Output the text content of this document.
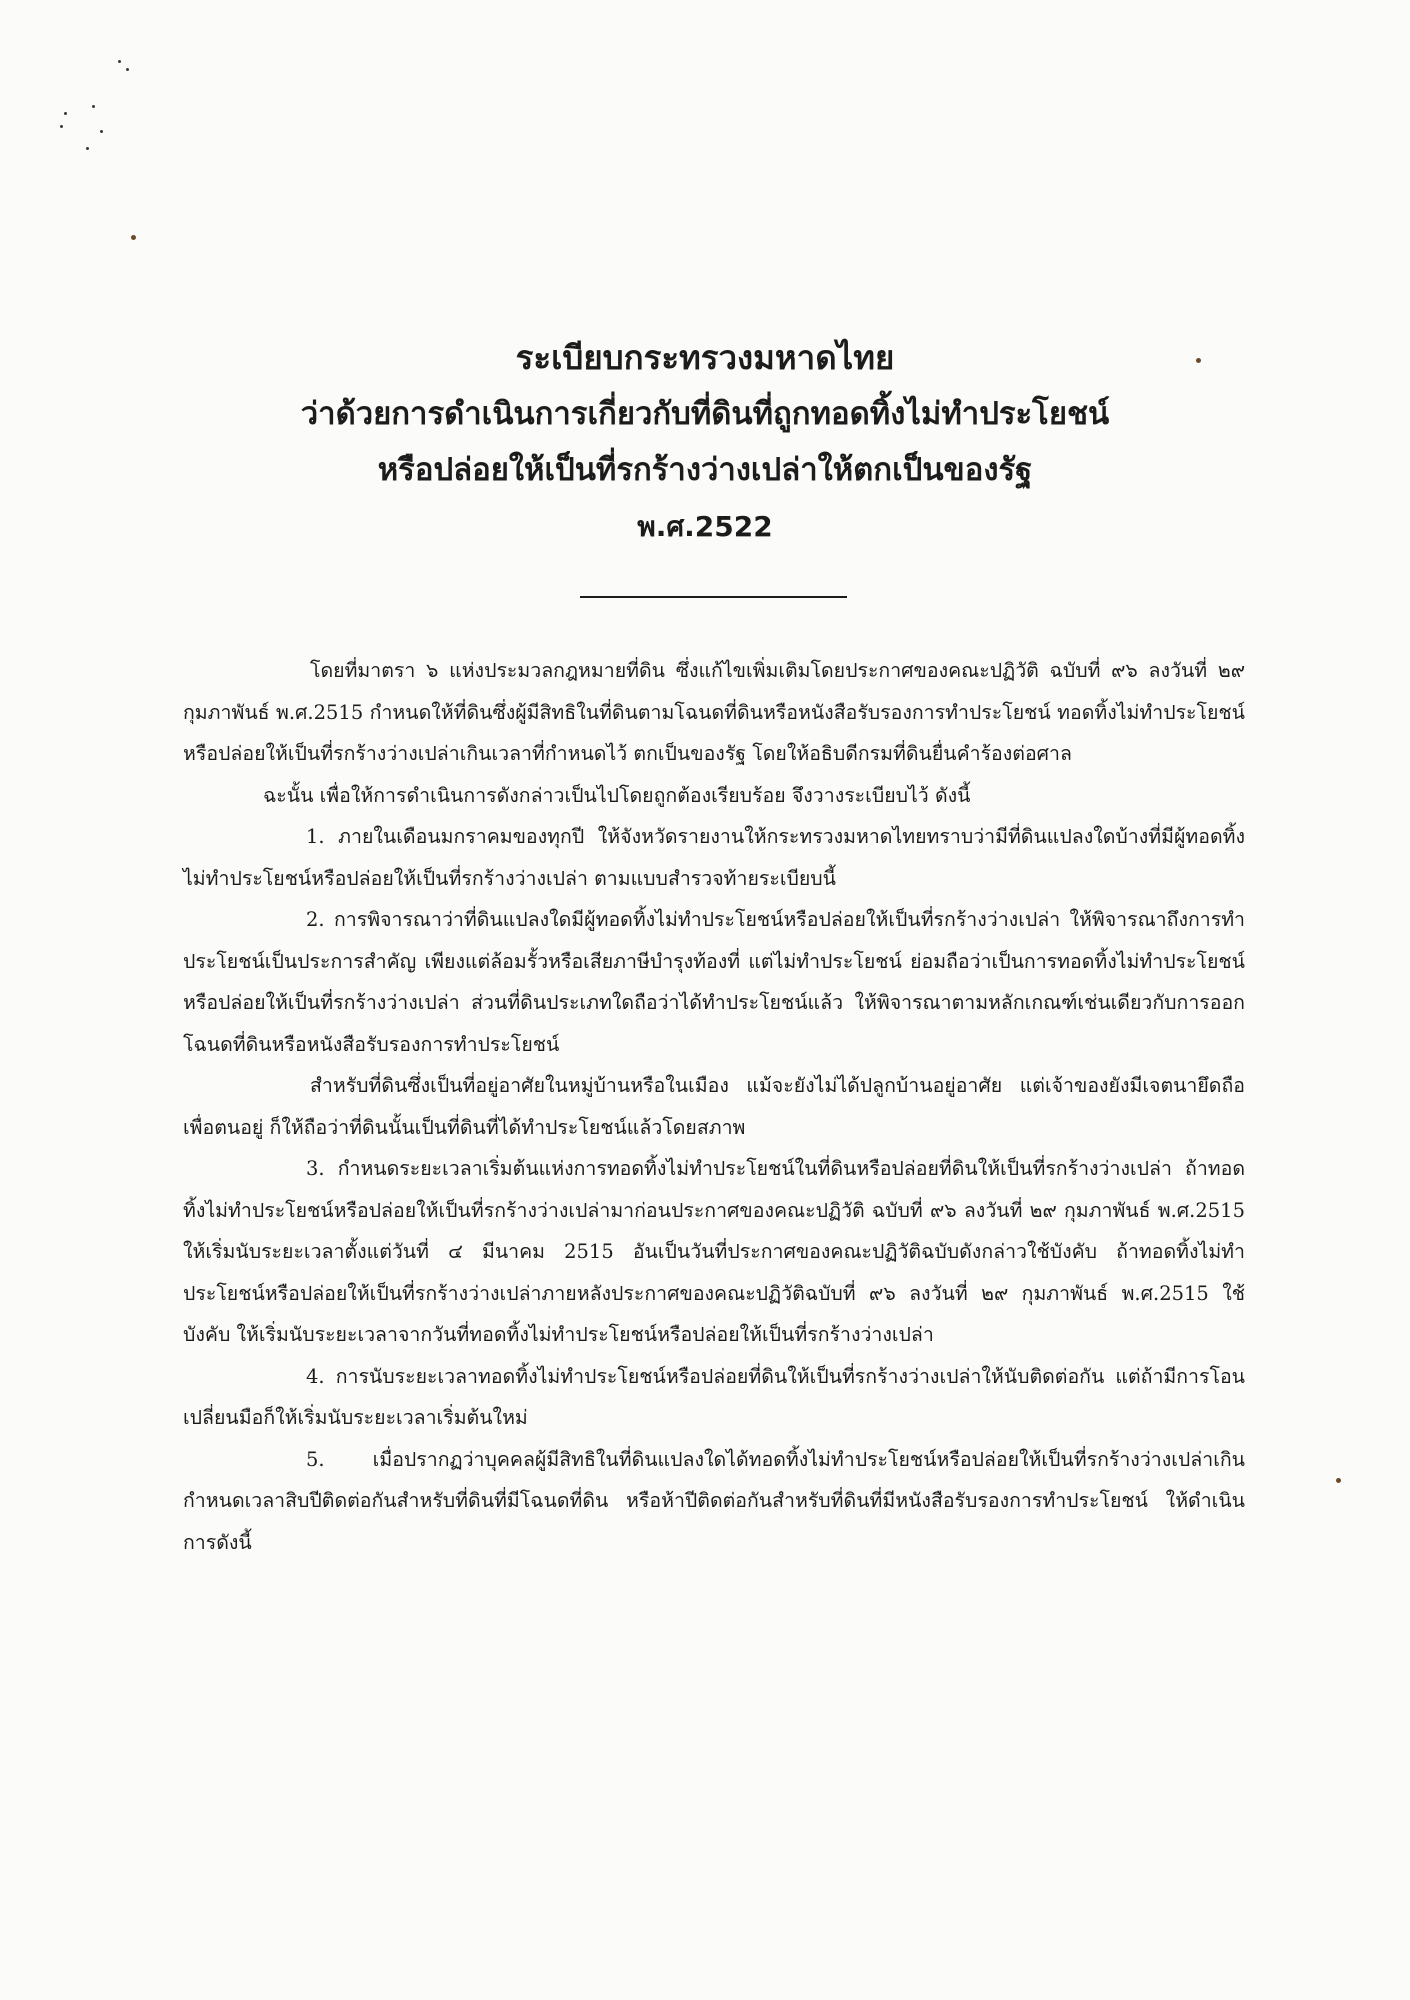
ระเบียบกระทรวงมหาดไทย

ว่าด้วยการดำเนินการเกี่ยวกับที่ดินที่ถูกทอดทิ้งไม่ทำประโยชน์

หรือปล่อยให้เป็นที่รกร้างว่างเปล่าให้ตกเป็นของรัฐ

พ.ศ.2522

โดยที่มาตรา ๖ แห่งประมวลกฎหมายที่ดิน ซึ่งแก้ไขเพิ่มเติมโดยประกาศของคณะปฏิวัติ ฉบับที่ ๙๖ ลงวันที่ ๒๙ กุมภาพันธ์ พ.ศ.2515 กำหนดให้ที่ดินซึ่งผู้มีสิทธิในที่ดินตามโฉนดที่ดินหรือหนังสือรับรองการทำประโยชน์ ทอดทิ้งไม่ทำประโยชน์ หรือปล่อยให้เป็นที่รกร้างว่างเปล่าเกินเวลาที่กำหนดไว้ ตกเป็นของรัฐ โดยให้อธิบดีกรมที่ดินยื่นคำร้องต่อศาล

ฉะนั้น เพื่อให้การดำเนินการดังกล่าวเป็นไปโดยถูกต้องเรียบร้อย จึงวางระเบียบไว้ ดังนี้

1. ภายในเดือนมกราคมของทุกปี ให้จังหวัดรายงานให้กระทรวงมหาดไทยทราบว่ามีที่ดินแปลงใดบ้างที่มีผู้ทอดทิ้งไม่ทำประโยชน์หรือปล่อยให้เป็นที่รกร้างว่างเปล่า ตามแบบสำรวจท้ายระเบียบนี้

2. การพิจารณาว่าที่ดินแปลงใดมีผู้ทอดทิ้งไม่ทำประโยชน์หรือปล่อยให้เป็นที่รกร้างว่างเปล่า ให้พิจารณาถึงการทำประโยชน์เป็นประการสำคัญ เพียงแต่ล้อมรั้วหรือเสียภาษีบำรุงท้องที่ แต่ไม่ทำประโยชน์ ย่อมถือว่าเป็นการทอดทิ้งไม่ทำประโยชน์หรือปล่อยให้เป็นที่รกร้างว่างเปล่า ส่วนที่ดินประเภทใดถือว่าได้ทำประโยชน์แล้ว ให้พิจารณาตามหลักเกณฑ์เช่นเดียวกับการออกโฉนดที่ดินหรือหนังสือรับรองการทำประโยชน์

สำหรับที่ดินซึ่งเป็นที่อยู่อาศัยในหมู่บ้านหรือในเมือง แม้จะยังไม่ได้ปลูกบ้านอยู่อาศัย แต่เจ้าของยังมีเจตนายึดถือเพื่อตนอยู่ ก็ให้ถือว่าที่ดินนั้นเป็นที่ดินที่ได้ทำประโยชน์แล้วโดยสภาพ

3. กำหนดระยะเวลาเริ่มต้นแห่งการทอดทิ้งไม่ทำประโยชน์ในที่ดินหรือปล่อยที่ดินให้เป็นที่รกร้างว่างเปล่า ถ้าทอดทิ้งไม่ทำประโยชน์หรือปล่อยให้เป็นที่รกร้างว่างเปล่ามาก่อนประกาศของคณะปฏิวัติ ฉบับที่ ๙๖ ลงวันที่ ๒๙ กุมภาพันธ์ พ.ศ.2515 ให้เริ่มนับระยะเวลาตั้งแต่วันที่ ๔ มีนาคม 2515 อันเป็นวันที่ประกาศของคณะปฏิวัติฉบับดังกล่าวใช้บังคับ ถ้าทอดทิ้งไม่ทำประโยชน์หรือปล่อยให้เป็นที่รกร้างว่างเปล่าภายหลังประกาศของคณะปฏิวัติฉบับที่ ๙๖ ลงวันที่ ๒๙ กุมภาพันธ์ พ.ศ.2515 ใช้บังคับ ให้เริ่มนับระยะเวลาจากวันที่ทอดทิ้งไม่ทำประโยชน์หรือปล่อยให้เป็นที่รกร้างว่างเปล่า

4. การนับระยะเวลาทอดทิ้งไม่ทำประโยชน์หรือปล่อยที่ดินให้เป็นที่รกร้างว่างเปล่าให้นับติดต่อกัน แต่ถ้ามีการโอนเปลี่ยนมือก็ให้เริ่มนับระยะเวลาเริ่มต้นใหม่

5. เมื่อปรากฏว่าบุคคลผู้มีสิทธิในที่ดินแปลงใดได้ทอดทิ้งไม่ทำประโยชน์หรือปล่อยให้เป็นที่รกร้างว่างเปล่าเกินกำหนดเวลาสิบปีติดต่อกันสำหรับที่ดินที่มีโฉนดที่ดิน หรือห้าปีติดต่อกันสำหรับที่ดินที่มีหนังสือรับรองการทำประโยชน์ ให้ดำเนินการดังนี้
